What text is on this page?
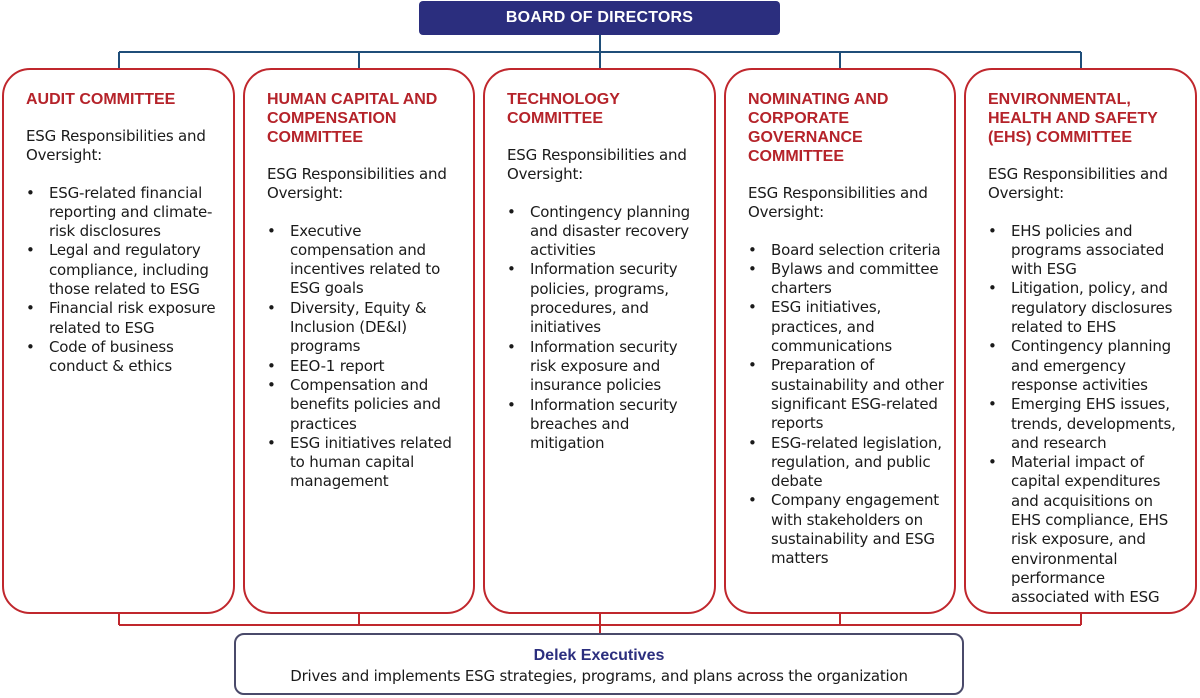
BOARD OF DIRECTORS
AUDIT COMMITTEE
ESG Responsibilities and Oversight:
• ESG-related financial reporting and climate-risk disclosures
• Legal and regulatory compliance, including those related to ESG
• Financial risk exposure related to ESG
• Code of business conduct & ethics
HUMAN CAPITAL AND COMPENSATION COMMITTEE
ESG Responsibilities and Oversight:
• Executive compensation and incentives related to ESG goals
• Diversity, Equity & Inclusion (DE&I) programs
• EEO-1 report
• Compensation and benefits policies and practices
• ESG initiatives related to human capital management
TECHNOLOGY COMMITTEE
ESG Responsibilities and Oversight:
• Contingency planning and disaster recovery activities
• Information security policies, programs, procedures, and initiatives
• Information security risk exposure and insurance policies
• Information security breaches and mitigation
NOMINATING AND CORPORATE GOVERNANCE COMMITTEE
ESG Responsibilities and Oversight:
• Board selection criteria
• Bylaws and committee charters
• ESG initiatives, practices, and communications
• Preparation of sustainability and other significant ESG-related reports
• ESG-related legislation, regulation, and public debate
• Company engagement with stakeholders on sustainability and ESG matters
ENVIRONMENTAL, HEALTH AND SAFETY (EHS) COMMITTEE
ESG Responsibilities and Oversight:
• EHS policies and programs associated with ESG
• Litigation, policy, and regulatory disclosures related to EHS
• Contingency planning and emergency response activities
• Emerging EHS issues, trends, developments, and research
• Material impact of capital expenditures and acquisitions on EHS compliance, EHS risk exposure, and environmental performance associated with ESG
Delek Executives
Drives and implements ESG strategies, programs, and plans across the organization
